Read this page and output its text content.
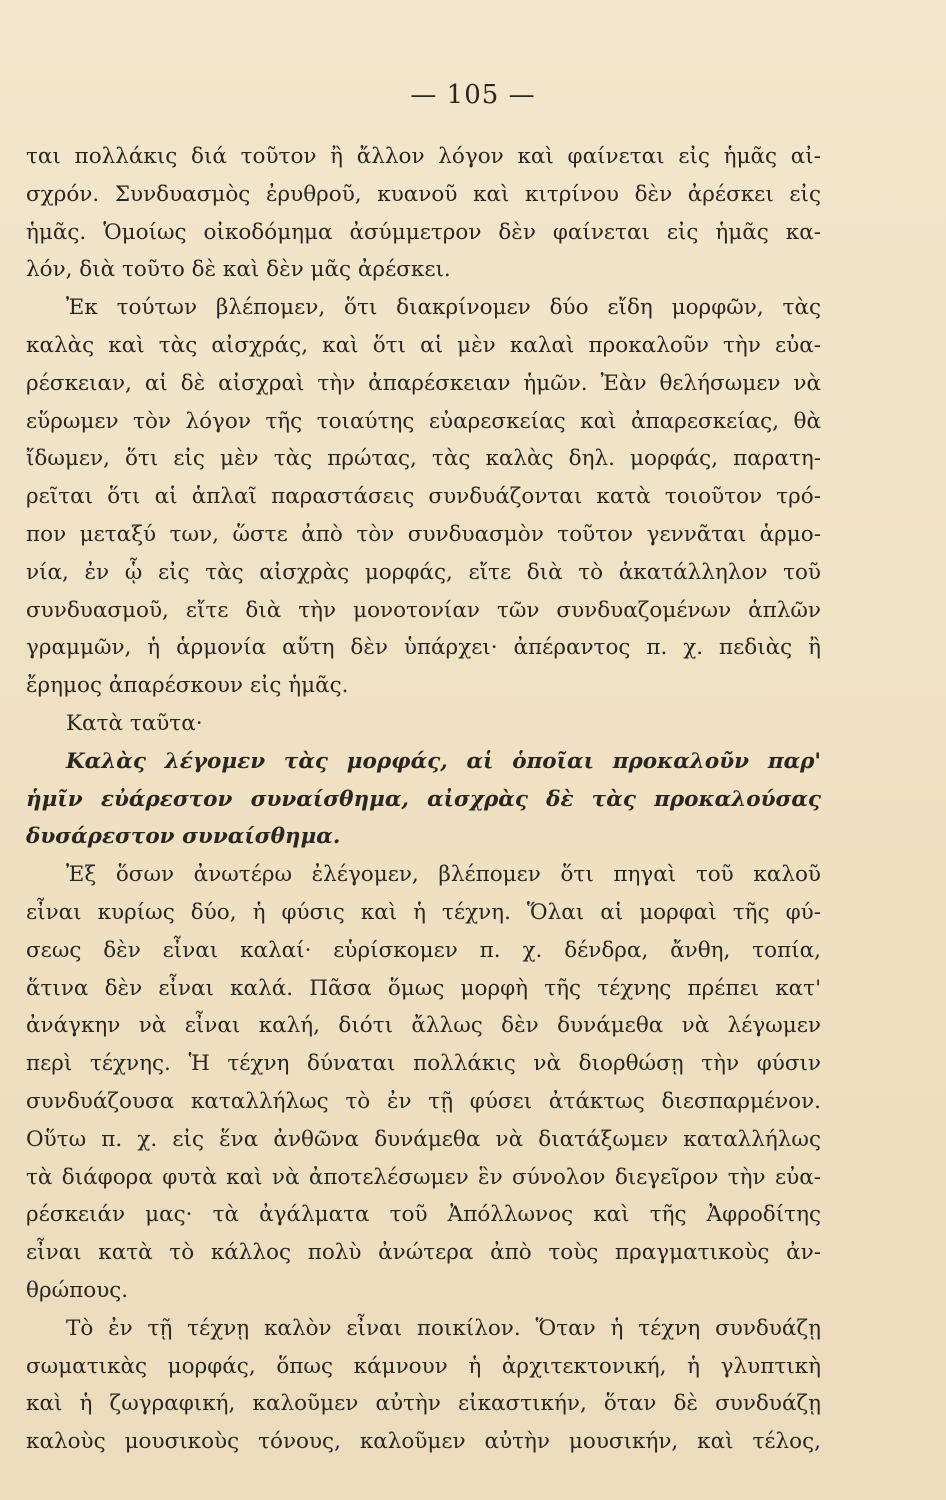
— 105 —
ται πολλάκις διά τοῦτον ἢ ἄλλον λόγον καὶ φαίνεται εἰς ἡμᾶς αἰ-
σχρόν. Συνδυασμὸς ἐρυθροῦ, κυανοῦ καὶ κιτρίνου δὲν ἀρέσκει εἰς
ἡμᾶς. Ὁμοίως οἰκοδόμημα ἀσύμμετρον δὲν φαίνεται εἰς ἡμᾶς κα-
λόν, διὰ τοῦτο δὲ καὶ δὲν μᾶς ἀρέσκει.
Ἐκ τούτων βλέπομεν, ὅτι διακρίνομεν δύο εἴδη μορφῶν, τὰς
καλὰς καὶ τὰς αἰσχράς, καὶ ὅτι αἱ μὲν καλαὶ προκαλοῦν τὴν εὐα-
ρέσκειαν, αἱ δὲ αἰσχραὶ τὴν ἀπαρέσκειαν ἡμῶν. Ἐὰν θελήσωμεν νὰ
εὕρωμεν τὸν λόγον τῆς τοιαύτης εὐαρεσκείας καὶ ἀπαρεσκείας, θὰ
ἴδωμεν, ὅτι εἰς μὲν τὰς πρώτας, τὰς καλὰς δηλ. μορφάς, παρατη-
ρεῖται ὅτι αἱ ἁπλαῖ παραστάσεις συνδυάζονται κατὰ τοιοῦτον τρό-
πον μεταξύ των, ὥστε ἀπὸ τὸν συνδυασμὸν τοῦτον γεννᾶται ἁρμο-
νία, ἐν ᾧ εἰς τὰς αἰσχρὰς μορφάς, εἴτε διὰ τὸ ἀκατάλληλον τοῦ
συνδυασμοῦ, εἴτε διὰ τὴν μονοτονίαν τῶν συνδυαζομένων ἁπλῶν
γραμμῶν, ἡ ἁρμονία αὕτη δὲν ὑπάρχει· ἀπέραντος π. χ. πεδιὰς ἢ
ἔρημος ἀπαρέσκουν εἰς ἡμᾶς.
Κατὰ ταῦτα·
Καλὰς λέγομεν τὰς μορφάς, αἱ ὁποῖαι προκαλοῦν παρ'
ἡμῖν εὐάρεστον συναίσθημα, αἰσχρὰς δὲ τὰς προκαλούσας
δυσάρεστον συναίσθημα.
Ἐξ ὅσων ἀνωτέρω ἐλέγομεν, βλέπομεν ὅτι πηγαὶ τοῦ καλοῦ
εἶναι κυρίως δύο, ἡ φύσις καὶ ἡ τέχνη. Ὅλαι αἱ μορφαὶ τῆς φύ-
σεως δὲν εἶναι καλαί· εὑρίσκομεν π. χ. δένδρα, ἄνθη, τοπία,
ἅτινα δὲν εἶναι καλά. Πᾶσα ὅμως μορφὴ τῆς τέχνης πρέπει κατ'
ἀνάγκην νὰ εἶναι καλή, διότι ἄλλως δὲν δυνάμεθα νὰ λέγωμεν
περὶ τέχνης. Ἡ τέχνη δύναται πολλάκις νὰ διορθώσῃ τὴν φύσιν
συνδυάζουσα καταλλήλως τὸ ἐν τῇ φύσει ἀτάκτως διεσπαρμένον.
Οὕτω π. χ. εἰς ἕνα ἀνθῶνα δυνάμεθα νὰ διατάξωμεν καταλλήλως
τὰ διάφορα φυτὰ καὶ νὰ ἀποτελέσωμεν ἓν σύνολον διεγεῖρον τὴν εὐα-
ρέσκειάν μας· τὰ ἀγάλματα τοῦ Ἀπόλλωνος καὶ τῆς Ἀφροδίτης
εἶναι κατὰ τὸ κάλλος πολὺ ἀνώτερα ἀπὸ τοὺς πραγματικοὺς ἀν-
θρώπους.
Τὸ ἐν τῇ τέχνῃ καλὸν εἶναι ποικίλον. Ὅταν ἡ τέχνη συνδυάζῃ
σωματικὰς μορφάς, ὅπως κάμνουν ἡ ἀρχιτεκτονική, ἡ γλυπτικὴ
καὶ ἡ ζωγραφική, καλοῦμεν αὐτὴν εἰκαστικήν, ὅταν δὲ συνδυάζῃ
καλοὺς μουσικοὺς τόνους, καλοῦμεν αὐτὴν μουσικήν, καὶ τέλος,
